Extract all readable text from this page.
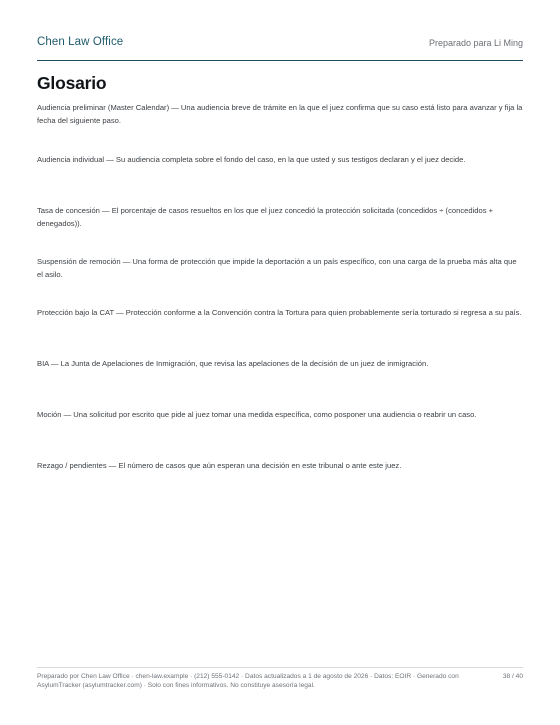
Chen Law Office	Preparado para Li Ming
Glosario

Audiencia preliminar (Master Calendar) — Una audiencia breve de trámite en la que el juez confirma que su caso está listo para avanzar y fija la fecha del siguiente paso.

Audiencia individual — Su audiencia completa sobre el fondo del caso, en la que usted y sus testigos declaran y el juez decide.

Tasa de concesión — El porcentaje de casos resueltos en los que el juez concedió la protección solicitada (concedidos ÷ (concedidos + denegados)).

Suspensión de remoción — Una forma de protección que impide la deportación a un país específico, con una carga de la prueba más alta que el asilo.

Protección bajo la CAT — Protección conforme a la Convención contra la Tortura para quien probablemente sería torturado si regresa a su país.

BIA — La Junta de Apelaciones de Inmigración, que revisa las apelaciones de la decisión de un juez de inmigración.

Moción — Una solicitud por escrito que pide al juez tomar una medida específica, como posponer una audiencia o reabrir un caso.

Rezago / pendientes — El número de casos que aún esperan una decisión en este tribunal o ante este juez.

Preparado por Chen Law Office · chen-law.example · (212) 555-0142 · Datos actualizados a 1 de agosto de 2026 · Datos: EOIR · Generado con AsylumTracker (asylumtracker.com) · Solo con fines informativos. No constituye asesoría legal.
38 / 40
